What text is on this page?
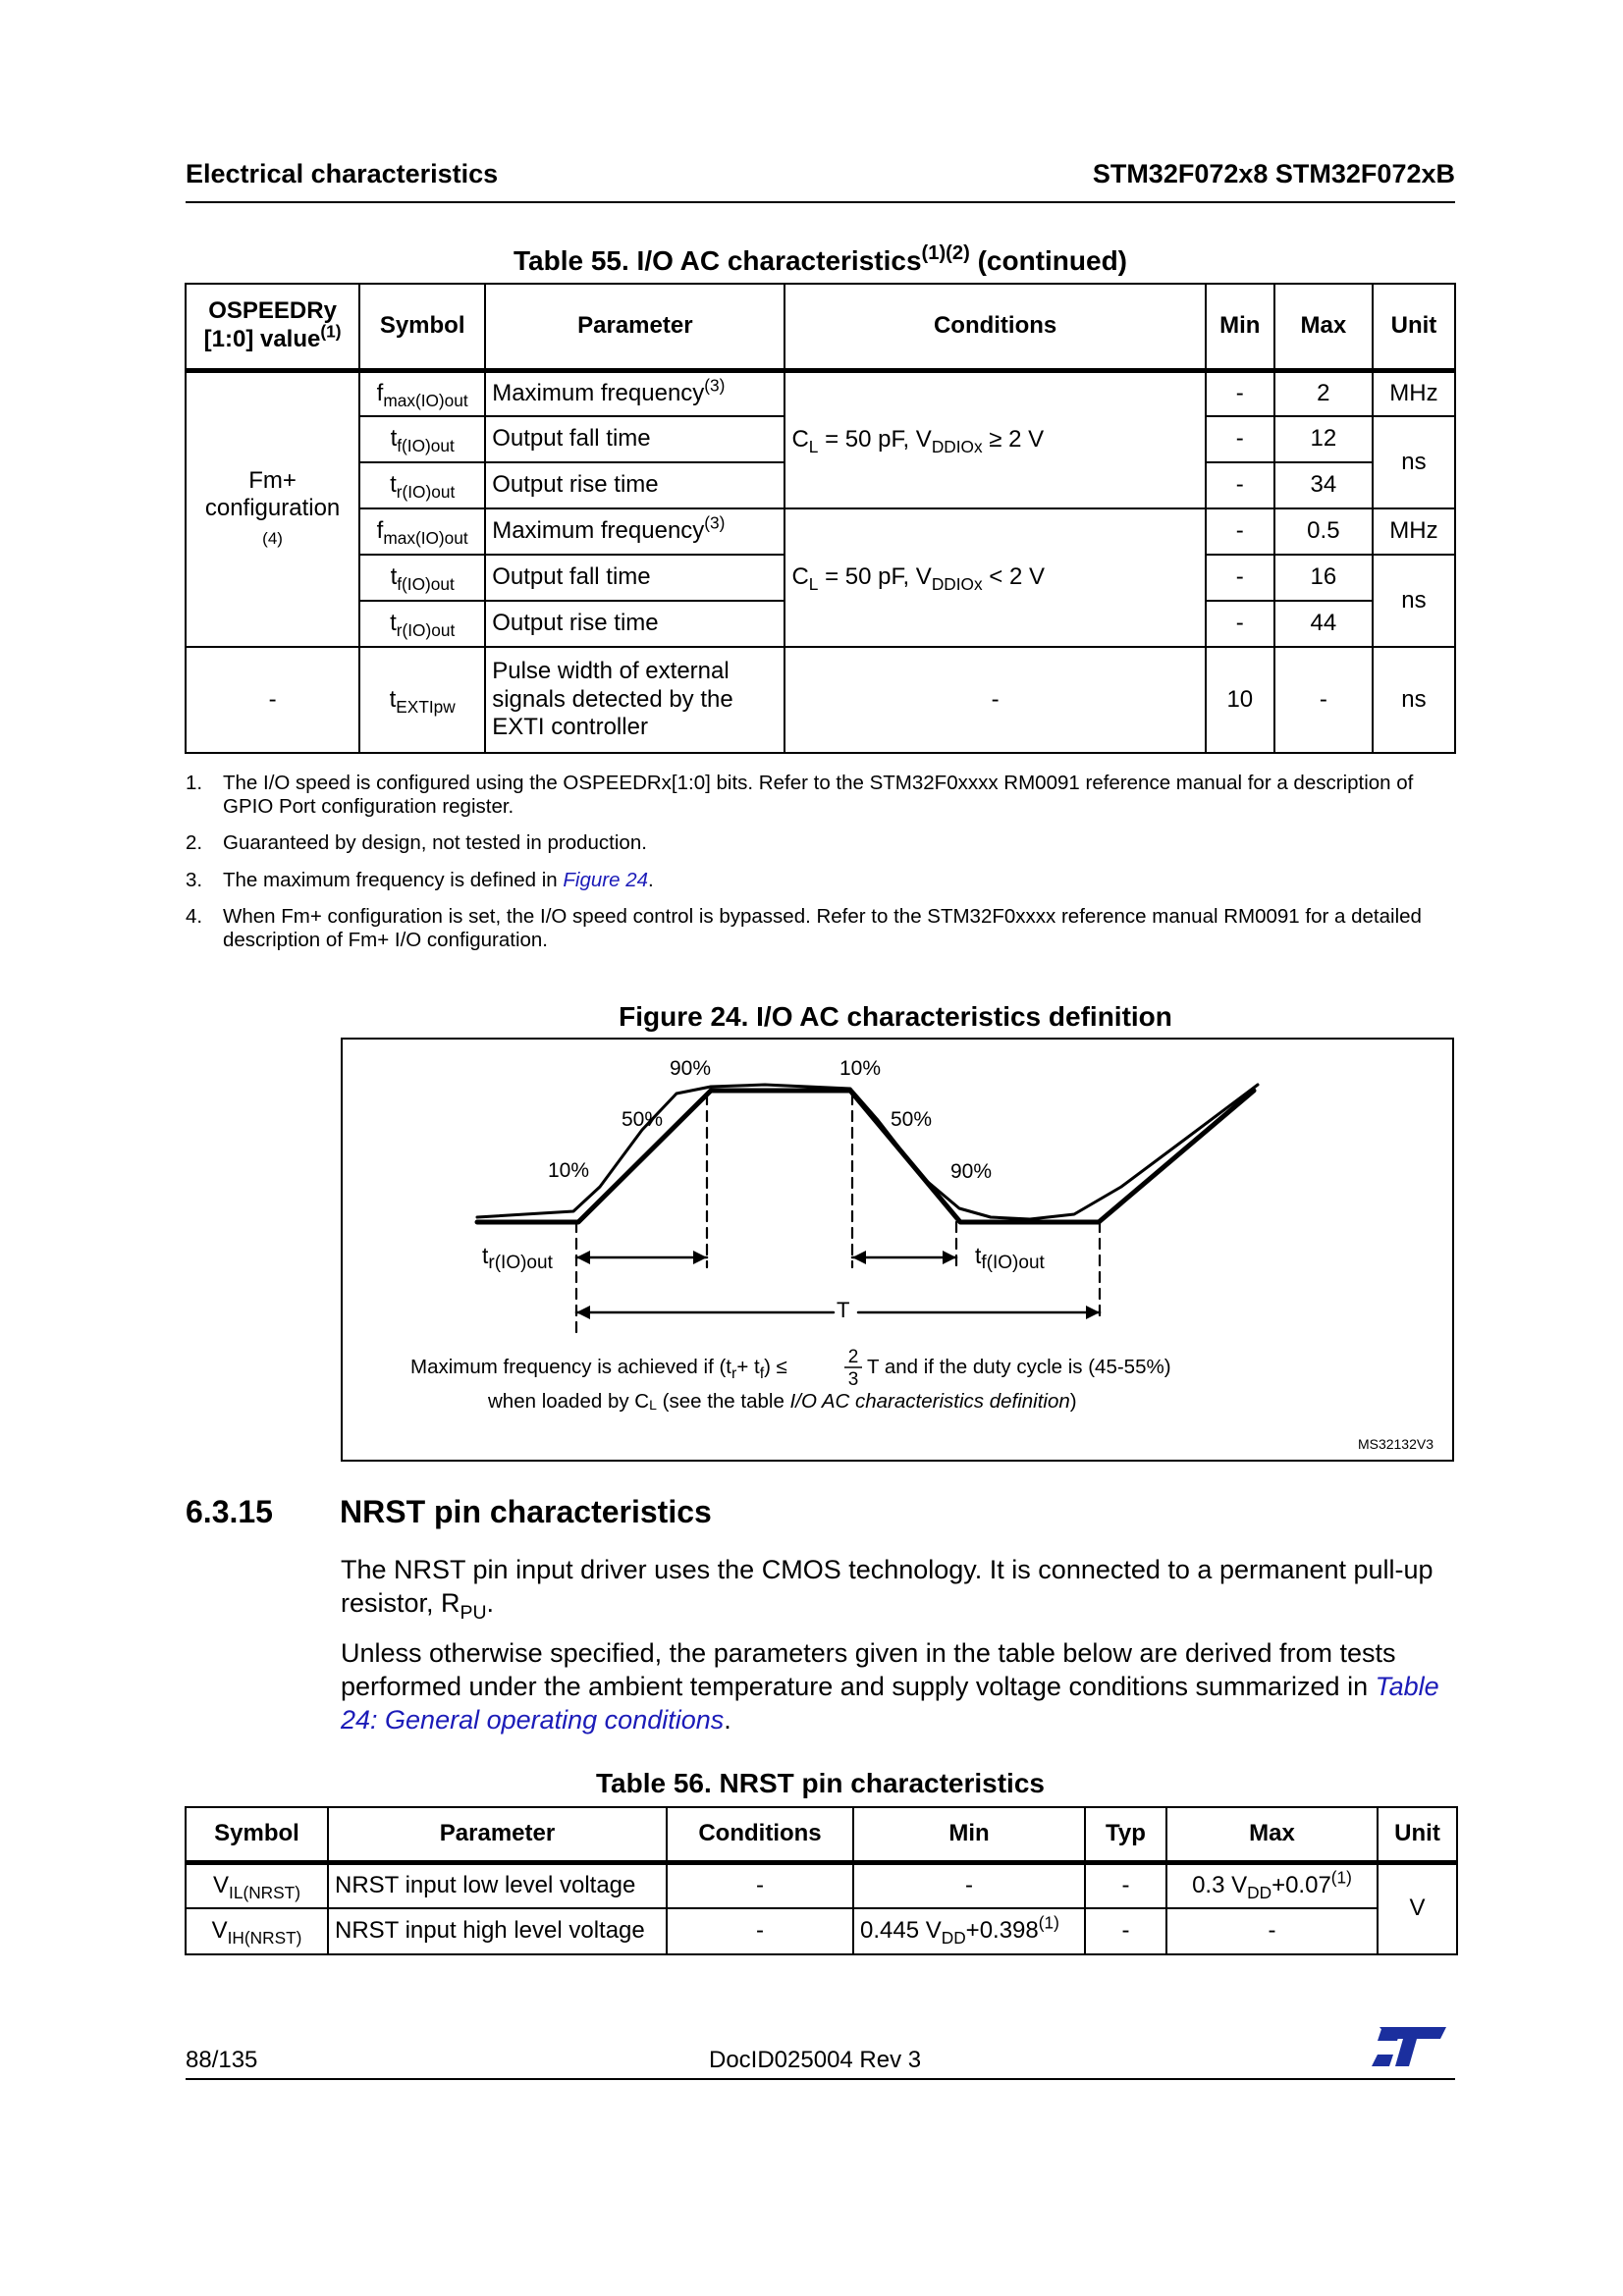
Electrical characteristics	STM32F072x8 STM32F072xB
Table 55. I/O AC characteristics$^{(1)(2)}$ (continued)
OSPEEDRy [1:0] value$^{(1)}$	Symbol	Parameter	Conditions	Min	Max	Unit
Fm+ configuration
(4)	$f_{max(IO)out}$	Maximum frequency$^{(3)}$	$C_L = 50$ pF, $V_{DDIOx} \ge 2$ V	-	2	MHz
	$t_{f(IO)out}$	Output fall time		-	12	ns
	$t_{r(IO)out}$	Output rise time		-	34	
	$f_{max(IO)out}$	Maximum frequency$^{(3)}$	$C_L = 50$ pF, $V_{DDIOx} < 2$ V	-	0.5	MHz
	$t_{f(IO)out}$	Output fall time		-	16	ns
	$t_{r(IO)out}$	Output rise time		-	44	
-	$t_{EXTIpw}$	Pulse width of external signals detected by the EXTI controller	-	10	-	ns
1.	The I/O speed is configured using the OSPEEDRx[1:0] bits. Refer to the STM32F0xxxx RM0091 reference manual for a description of GPIO Port configuration register.
2.	Guaranteed by design, not tested in production.
3.	The maximum frequency is defined in Figure 24.
4.	When Fm+ configuration is set, the I/O speed control is bypassed. Refer to the STM32F0xxxx reference manual RM0091 for a detailed description of Fm+ I/O configuration.
Figure 24. I/O AC characteristics definition
90%	10%
50%	50%
10%	90%
$t_{r(IO)out}$	$t_{f(IO)out}$
T
Maximum frequency is achieved if $(t_r+ t_f)$ ≤	2
3
T and if the duty cycle is (45-55%)
when loaded by CL (see the table I/O AC characteristics definition)
MS32132V3
6.3.15 NRST pin characteristics
The NRST pin input driver uses the CMOS technology. It is connected to a permanent pull-up resistor, $R_{PU}$.
Unless otherwise specified, the parameters given in the table below are derived from tests performed under the ambient temperature and supply voltage conditions summarized in Table 24: General operating conditions.
Table 56. NRST pin characteristics
Symbol	Parameter	Conditions	Min	Typ	Max	Unit
$V_{IL(NRST)}$	NRST input low level voltage	-	-	-	0.3 $V_{DD}+0.07^{(1)}$	V
$V_{IH(NRST)}$	NRST input high level voltage	-	0.445 $V_{DD}+0.398^{(1)}$	-	-	
88/135	DocID025004 Rev 3
